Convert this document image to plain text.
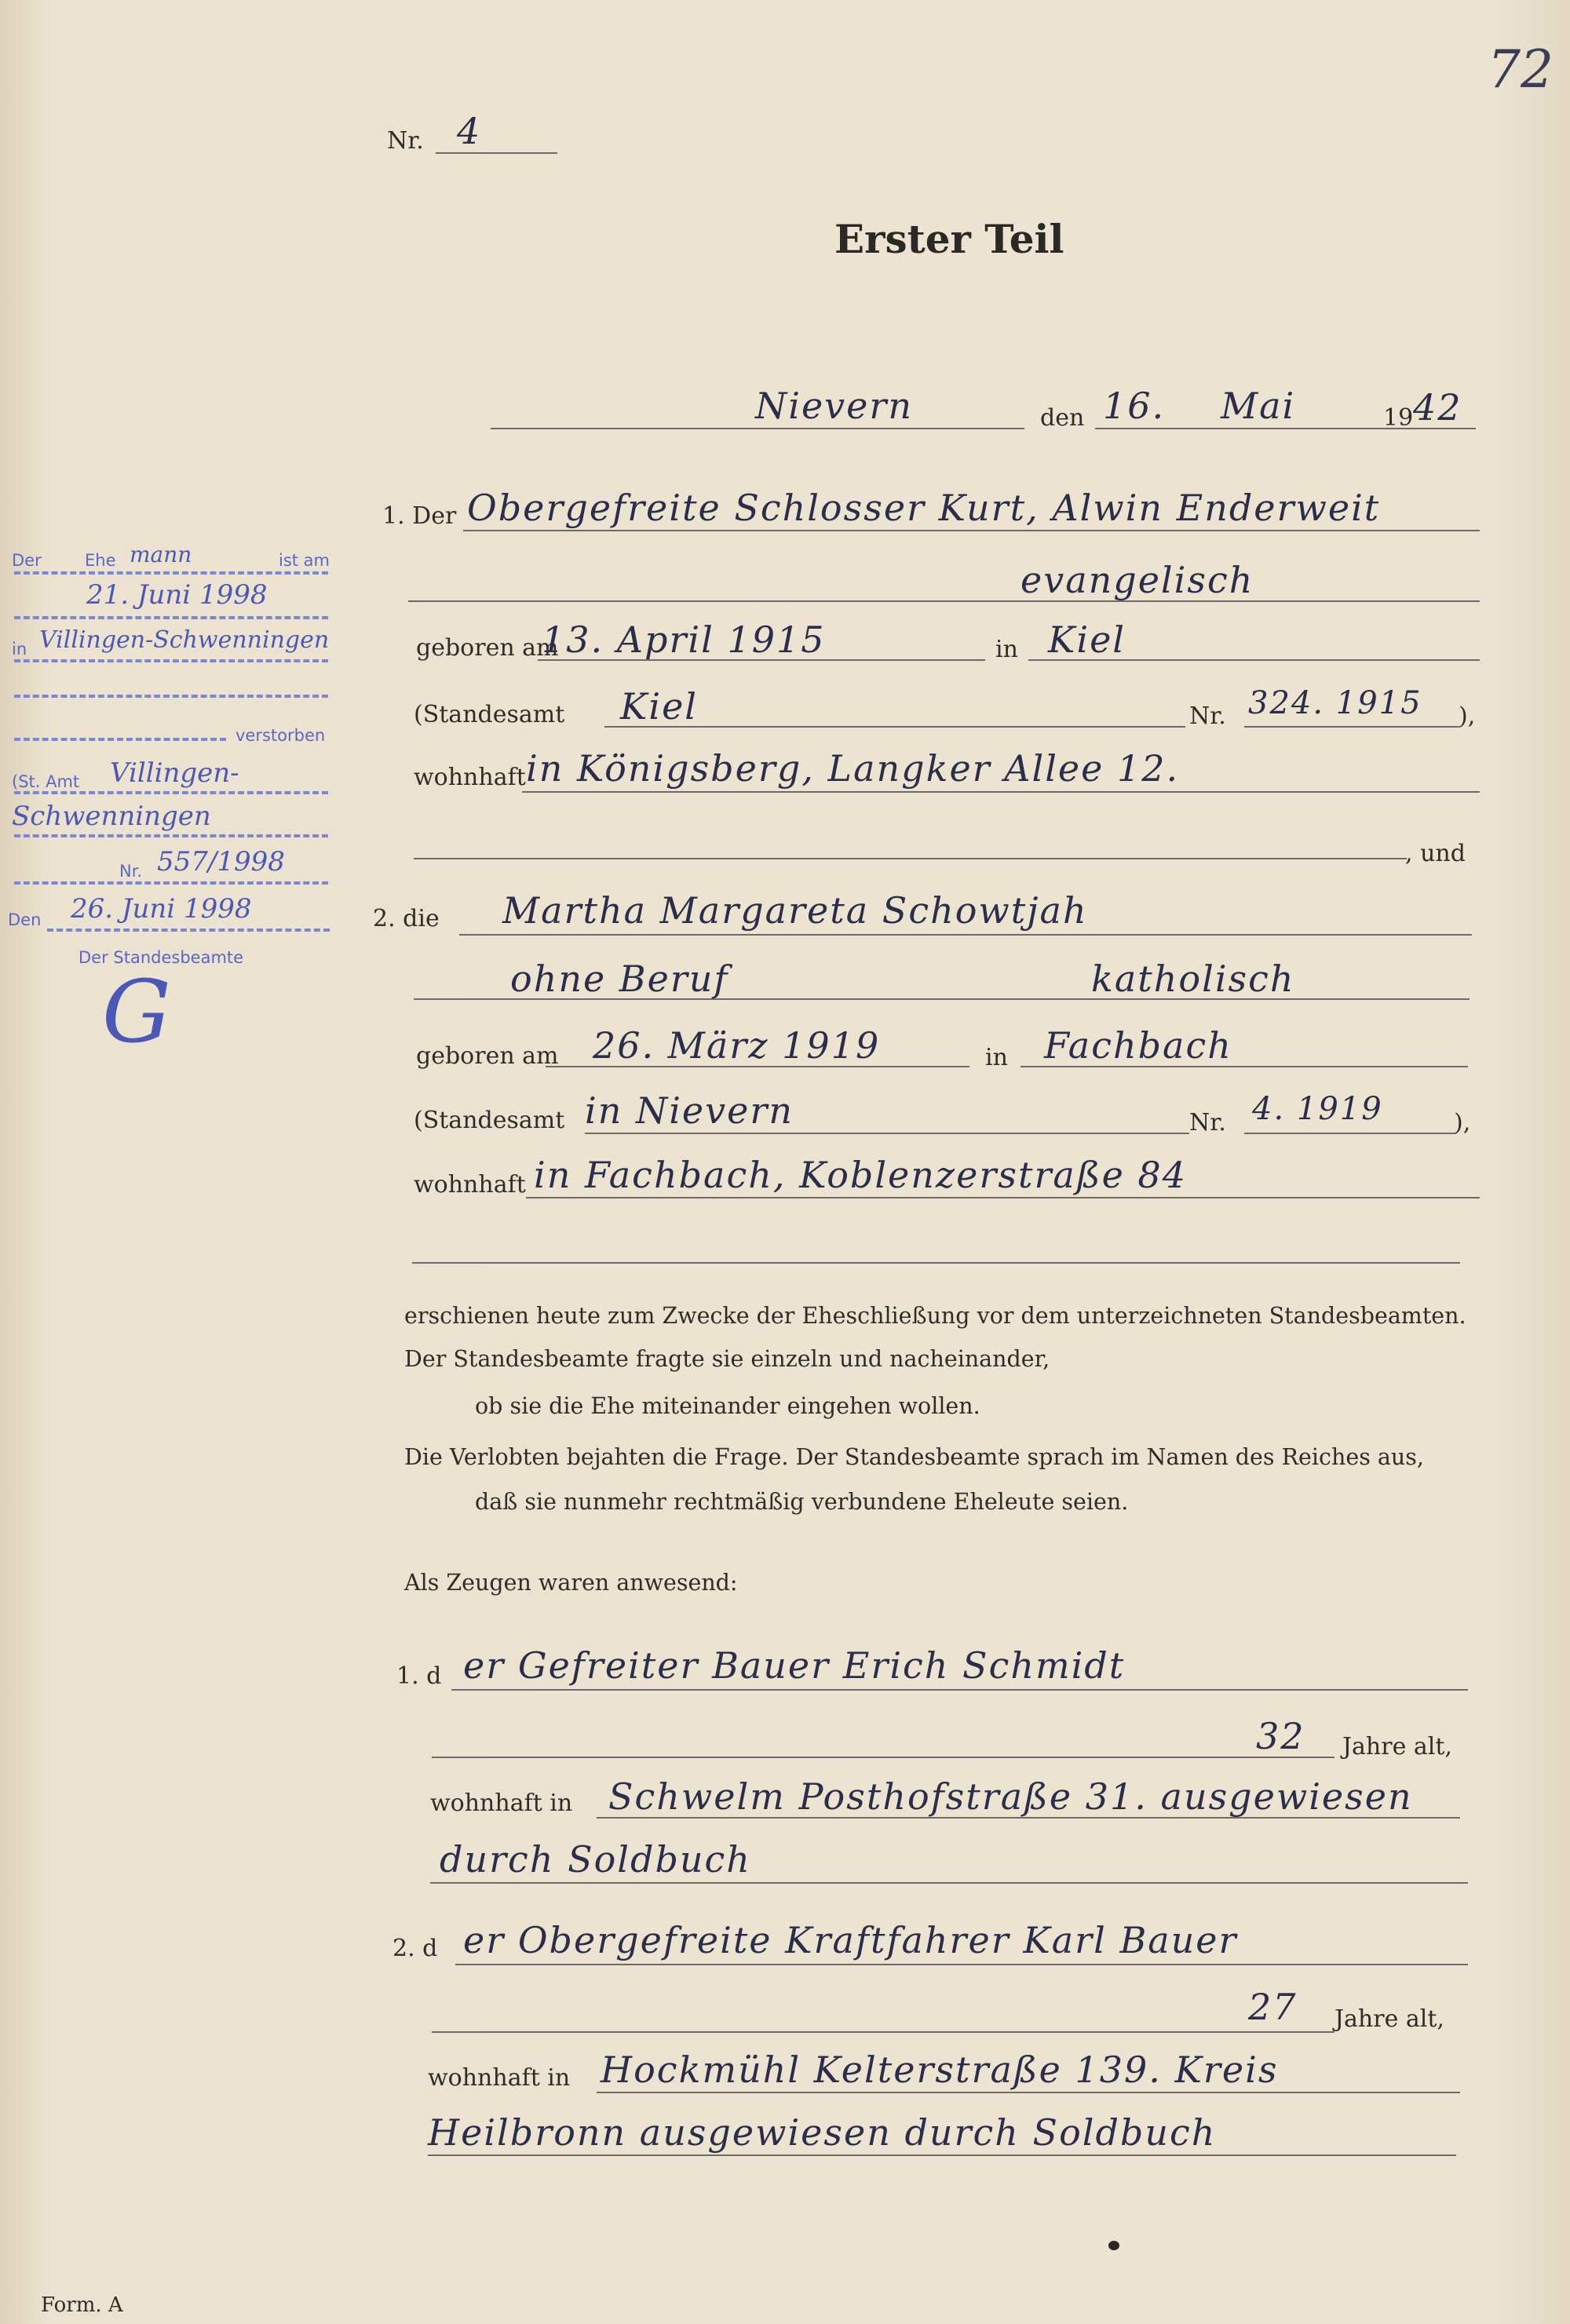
72
Nr. 4
Erster Teil
Nievern	den 16. Mai	19 42
1. Der Obergefreite Schlosser Kurt, Alwin Enderweit
evangelisch
geboren am
13. April 1915	in Kiel
(Standesamt Kiel	Nr. 324. 1915 ),
wohnhaft in Königsberg, Langker Allee 12.
, und
2. die Martha Margareta Schowtjah
ohne Beruf	katholisch
geboren am 26. März 1919	in Fachbach
(Standesamt in Nievern	Nr. 4. 1919	),
wohnhaft in Fachbach, Koblenzerstraße 84
erschienen heute zum Zwecke der Eheschließung vor dem unterzeichneten Standesbeamten.
Der Standesbeamte fragte sie einzeln und nacheinander,
ob sie die Ehe miteinander eingehen wollen.
Die Verlobten bejahten die Frage. Der Standesbeamte sprach im Namen des Reiches aus,
daß sie nunmehr rechtmäßig verbundene Eheleute seien.
Als Zeugen waren anwesend:
1. d er Gefreiter Bauer Erich Schmidt
32 Jahre alt,
wohnhaft in Schwelm Posthofstraße 31. ausgewiesen
durch Soldbuch
2. d er Obergefreite Kraftfahrer Karl Bauer
27 Jahre alt,
wohnhaft in Hockmühl Kelterstraße 139. Kreis
Heilbronn ausgewiesen durch Soldbuch
Form. A
Der	Ehe mann	ist am
21. Juni 1998
in Villingen-Schwenningen
verstorben
(St. Amt Villingen-
Schwenningen
Nr. 557/1998
Den 26. Juni 1998
Der Standesbeamte
G
